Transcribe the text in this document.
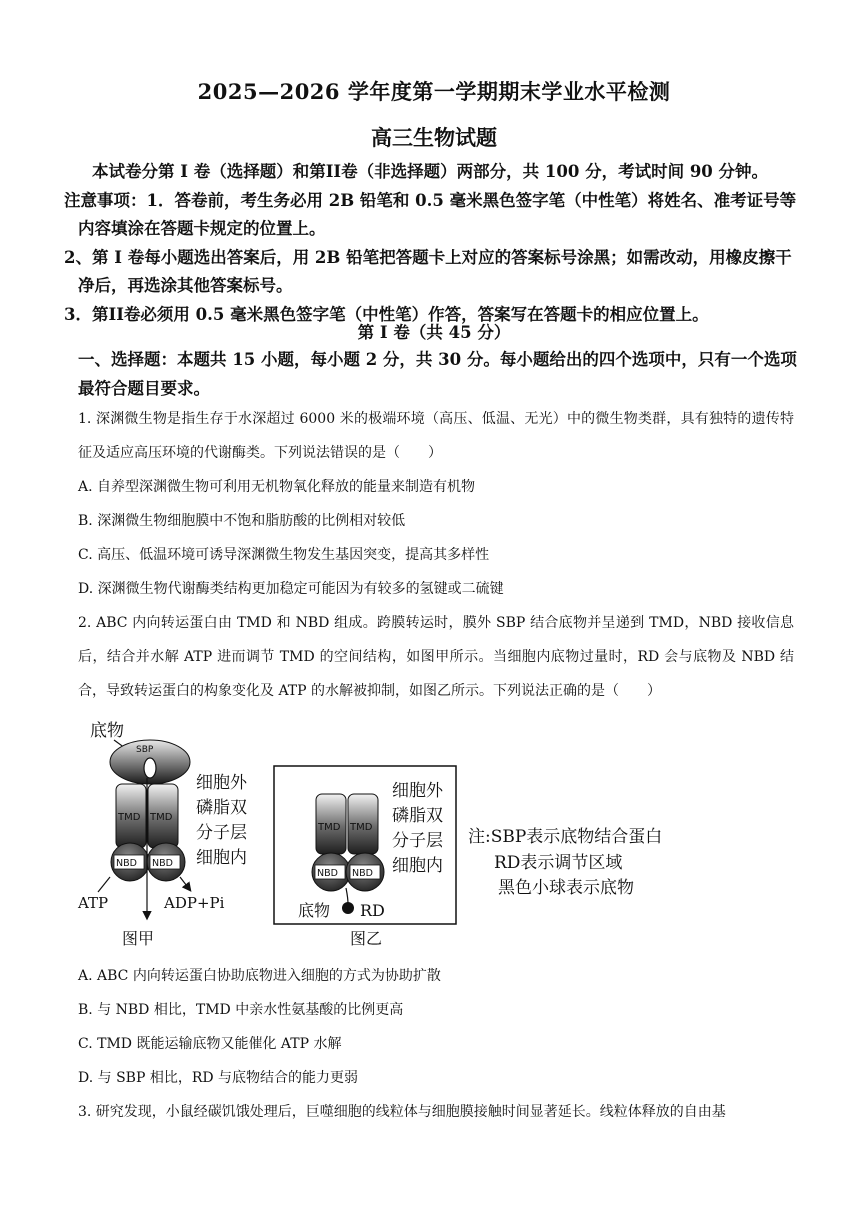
2025—2026 学年度第一学期期末学业水平检测
高三生物试题
本试卷分第 I 卷（选择题）和第II卷（非选择题）两部分，共 100 分，考试时间 90 分钟。
注意事项：1．答卷前，考生务必用 2B 铅笔和 0.5 毫米黑色签字笔（中性笔）将姓名、准考证号等内容填涂在答题卡规定的位置上。
2、第 I 卷每小题选出答案后，用 2B 铅笔把答题卡上对应的答案标号涂黑；如需改动，用橡皮擦干净后，再选涂其他答案标号。
3．第II卷必须用 0.5 毫米黑色签字笔（中性笔）作答，答案写在答题卡的相应位置上。
第 I 卷（共 45 分）
一、选择题：本题共 15 小题，每小题 2 分，共 30 分。每小题给出的四个选项中，只有一个选项最符合题目要求。
1. 深渊微生物是指生存于水深超过 6000 米的极端环境（高压、低温、无光）中的微生物类群，具有独特的遗传特征及适应高压环境的代谢酶类。下列说法错误的是（　　）
A. 自养型深渊微生物可利用无机物氧化释放的能量来制造有机物
B. 深渊微生物细胞膜中不饱和脂肪酸的比例相对较低
C. 高压、低温环境可诱导深渊微生物发生基因突变，提高其多样性
D. 深渊微生物代谢酶类结构更加稳定可能因为有较多的氢键或二硫键
2. ABC 内向转运蛋白由 TMD 和 NBD 组成。跨膜转运时，膜外 SBP 结合底物并呈递到 TMD，NBD 接收信息后，结合并水解 ATP 进而调节 TMD 的空间结构，如图甲所示。当细胞内底物过量时，RD 会与底物及 NBD 结合，导致转运蛋白的构象变化及 ATP 的水解被抑制，如图乙所示。下列说法正确的是（　　）
底物
SBP
TMD TMD
NBD NBD
ATP	ADP+Pi
细胞外
磷脂双
分子层
细胞内
图甲
TMD TMD
NBD NBD
底物 RD
细胞外
磷脂双
分子层
细胞内
图乙
注:SBP表示底物结合蛋白
RD表示调节区域
黑色小球表示底物
A. ABC 内向转运蛋白协助底物进入细胞的方式为协助扩散
B. 与 NBD 相比，TMD 中亲水性氨基酸的比例更高
C. TMD 既能运输底物又能催化 ATP 水解
D. 与 SBP 相比，RD 与底物结合的能力更弱
3. 研究发现，小鼠经碳饥饿处理后，巨噬细胞的线粒体与细胞膜接触时间显著延长。线粒体释放的自由基
